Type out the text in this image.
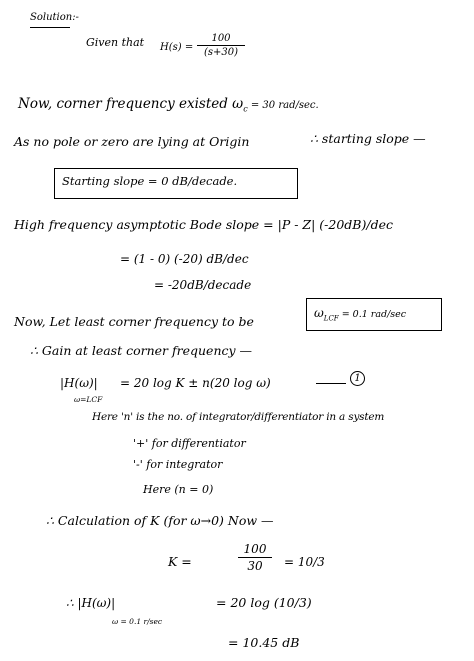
Solution:-
Given that $H(s) = \frac{100}{(s+30)}$
Now, corner frequency existed $\omega_c = 30$ rad/sec.
As no pole or zero are lying at Origin	∴ starting slope —
Starting slope = 0 dB/decade.
High frequency asymptotic Bode slope = |P - Z| (-20dB)/dec
= (1 - 0) (-20) dB/dec
= -20dB/decade
Now, Let least corner frequency to be
$\omega_{LCF} = 0.1$ rad/sec
∴ Gain at least corner frequency —
|H(ω)|
ω=LCF
= 20 log K ± n(20 log ω)	1
Here 'n' is the no. of integrator/differentiator in a system
'+' for differentiator
'-' for integrator
Here (n = 0)
∴ Calculation of K (for ω→0) Now —
K =	$\frac{100}{30} = 10/3$
∴ |H(ω)|
ω = 0.1 r/sec
= 20 log (10/3)
= 10.45 dB
